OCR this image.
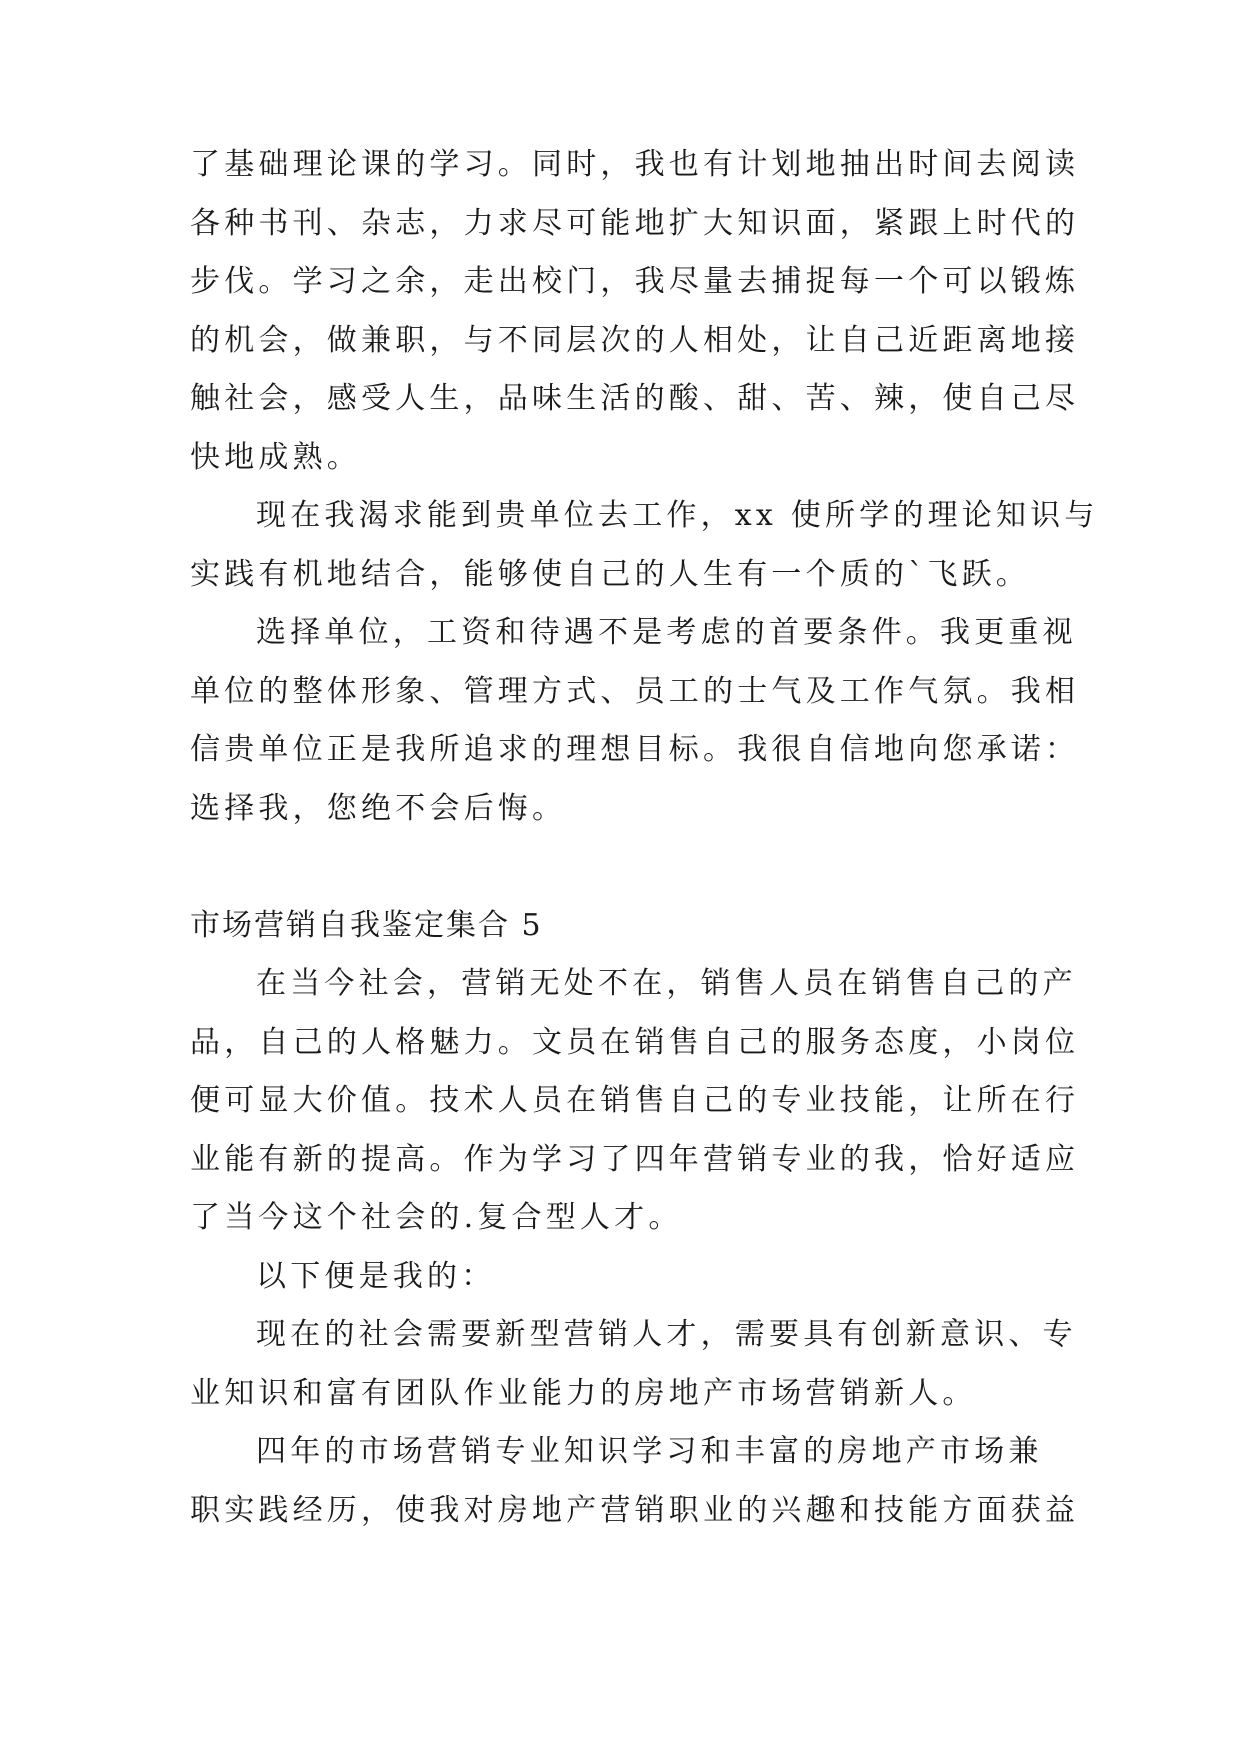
了基础理论课的学习。同时，我也有计划地抽出时间去阅读
各种书刊、杂志，力求尽可能地扩大知识面，紧跟上时代的
步伐。学习之余，走出校门，我尽量去捕捉每一个可以锻炼
的机会，做兼职，与不同层次的人相处，让自己近距离地接
触社会，感受人生，品味生活的酸、甜、苦、辣，使自己尽
快地成熟。
现在我渴求能到贵单位去工作，xx 使所学的理论知识与
实践有机地结合，能够使自己的人生有一个质的`飞跃。
选择单位，工资和待遇不是考虑的首要条件。我更重视
单位的整体形象、管理方式、员工的士气及工作气氛。我相
信贵单位正是我所追求的理想目标。我很自信地向您承诺：
选择我，您绝不会后悔。
市场营销自我鉴定集合 5
在当今社会，营销无处不在，销售人员在销售自己的产
品，自己的人格魅力。文员在销售自己的服务态度，小岗位
便可显大价值。技术人员在销售自己的专业技能，让所在行
业能有新的提高。作为学习了四年营销专业的我，恰好适应
了当今这个社会的.复合型人才。
以下便是我的：
现在的社会需要新型营销人才，需要具有创新意识、专
业知识和富有团队作业能力的房地产市场营销新人。
四年的市场营销专业知识学习和丰富的房地产市场兼
职实践经历，使我对房地产营销职业的兴趣和技能方面获益
